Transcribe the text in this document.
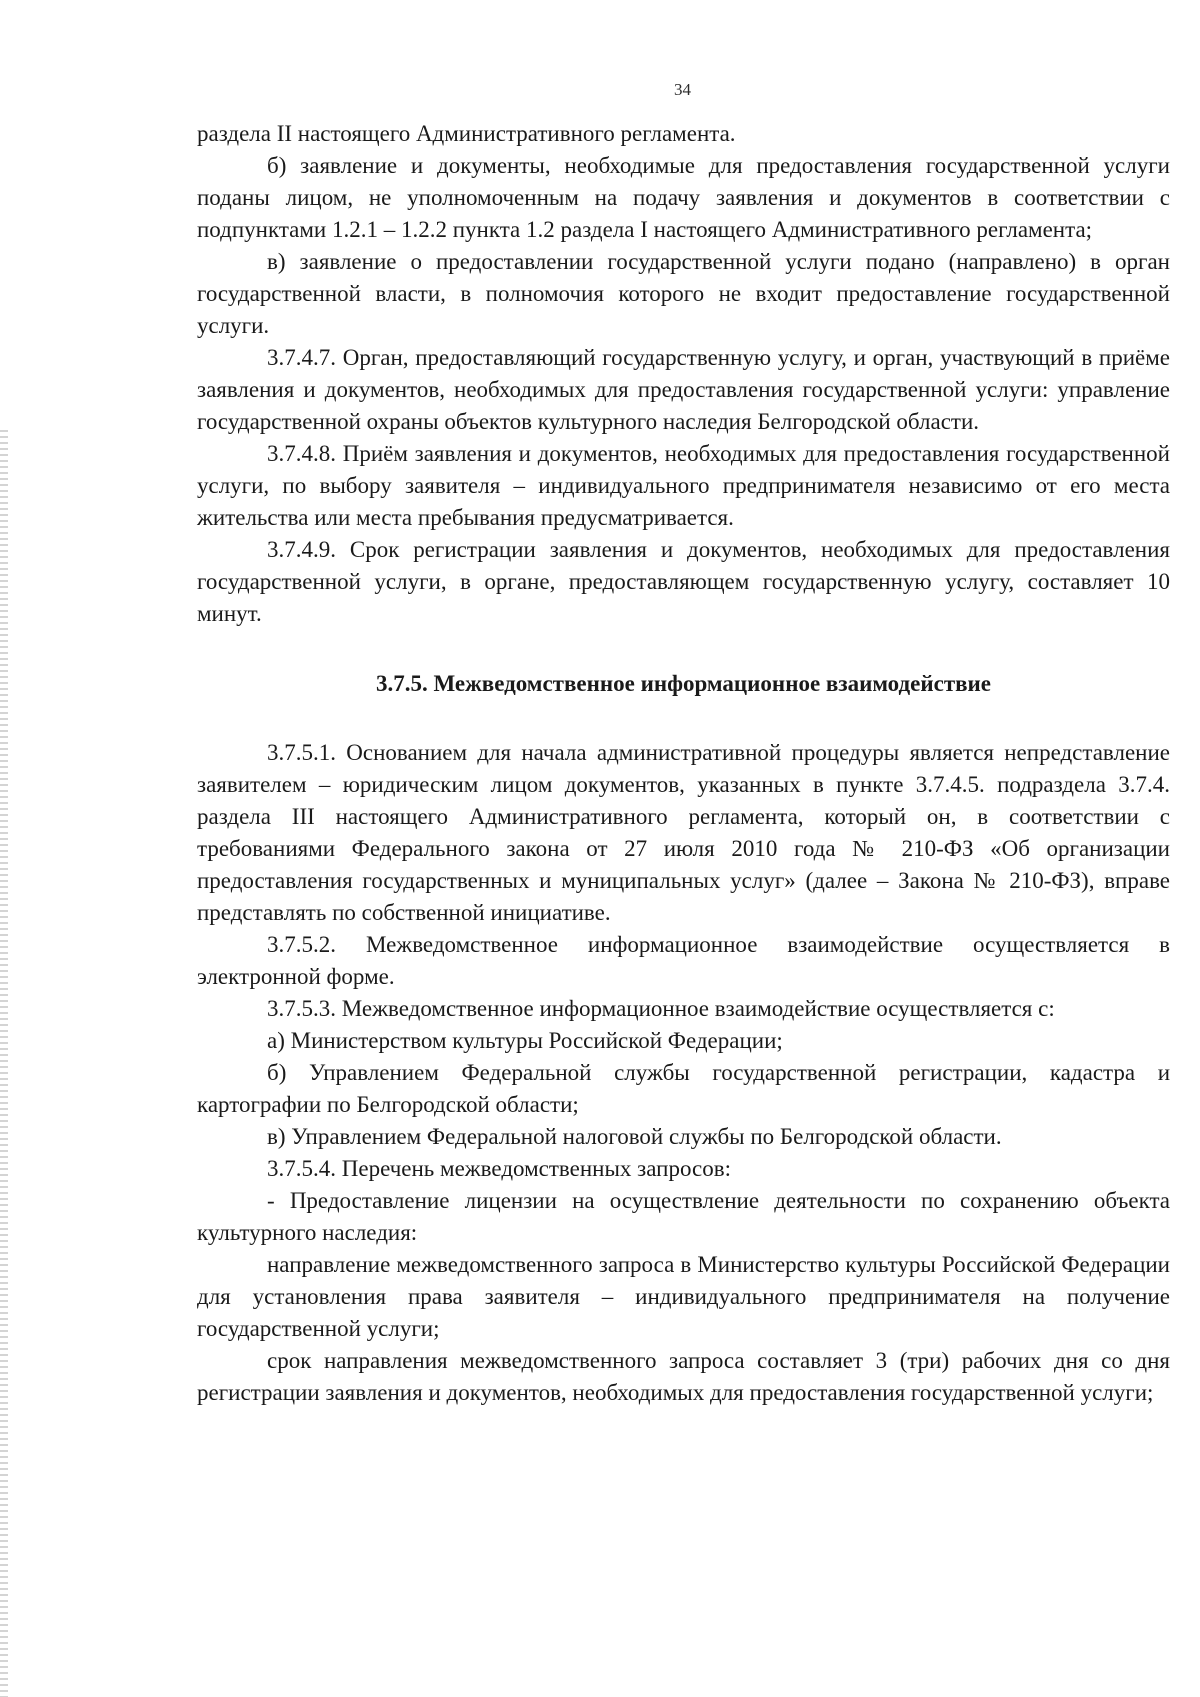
34

раздела II настоящего Административного регламента.

б) заявление и документы, необходимые для предоставления государственной услуги поданы лицом, не уполномоченным на подачу заявления и документов в соответствии с подпунктами 1.2.1 – 1.2.2 пункта 1.2 раздела I настоящего Административного регламента;

в) заявление о предоставлении государственной услуги подано (направлено) в орган государственной власти, в полномочия которого не входит предоставление государственной услуги.

3.7.4.7. Орган, предоставляющий государственную услугу, и орган, участвующий в приёме заявления и документов, необходимых для предоставления государственной услуги: управление государственной охраны объектов культурного наследия Белгородской области.

3.7.4.8. Приём заявления и документов, необходимых для предоставления государственной услуги, по выбору заявителя – индивидуального предпринимателя независимо от его места жительства или места пребывания предусматривается.

3.7.4.9. Срок регистрации заявления и документов, необходимых для предоставления государственной услуги, в органе, предоставляющем государственную услугу, составляет 10 минут.

3.7.5. Межведомственное информационное взаимодействие

3.7.5.1. Основанием для начала административной процедуры является непредставление заявителем – юридическим лицом документов, указанных в пункте 3.7.4.5. подраздела 3.7.4. раздела III настоящего Административного регламента, который он, в соответствии с требованиями Федерального закона от 27 июля 2010 года № 210-ФЗ «Об организации предоставления государственных и муниципальных услуг» (далее – Закона № 210-ФЗ), вправе представлять по собственной инициативе.

3.7.5.2. Межведомственное информационное взаимодействие осуществляется в электронной форме.

3.7.5.3. Межведомственное информационное взаимодействие осуществляется с:

а) Министерством культуры Российской Федерации;

б) Управлением Федеральной службы государственной регистрации, кадастра и картографии по Белгородской области;

в) Управлением Федеральной налоговой службы по Белгородской области.

3.7.5.4. Перечень межведомственных запросов:

- Предоставление лицензии на осуществление деятельности по сохранению объекта культурного наследия:

направление межведомственного запроса в Министерство культуры Российской Федерации для установления права заявителя – индивидуального предпринимателя на получение государственной услуги;

срок направления межведомственного запроса составляет 3 (три) рабочих дня со дня регистрации заявления и документов, необходимых для предоставления государственной услуги;
